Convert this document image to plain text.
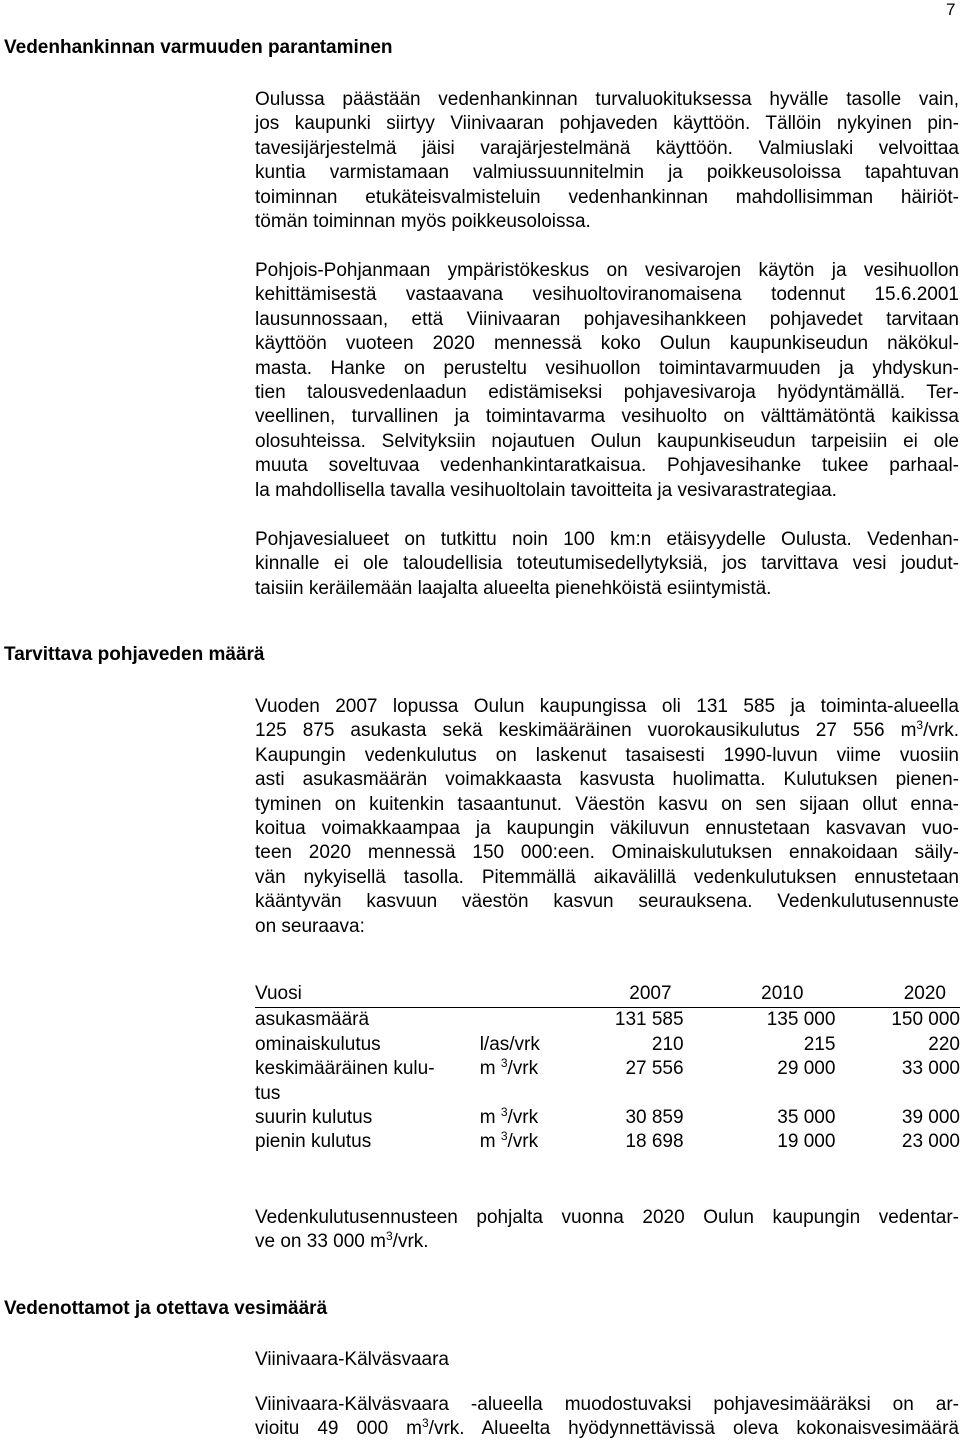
7
Vedenhankinnan varmuuden parantaminen
Oulussa päästään vedenhankinnan turvaluokituksessa hyvälle tasolle vain,
jos kaupunki siirtyy Viinivaaran pohjaveden käyttöön. Tällöin nykyinen pin-
tavesijärjestelmä jäisi varajärjestelmänä käyttöön. Valmiuslaki velvoittaa
kuntia varmistamaan valmiussuunnitelmin ja poikkeusoloissa tapahtuvan
toiminnan etukäteisvalmisteluin vedenhankinnan mahdollisimman häiriöt-
tömän toiminnan myös poikkeusoloissa.
Pohjois-Pohjanmaan ympäristökeskus on vesivarojen käytön ja vesihuollon
kehittämisestä vastaavana vesihuoltoviranomaisena todennut 15.6.2001
lausunnossaan, että Viinivaaran pohjavesihankkeen pohjavedet tarvitaan
käyttöön vuoteen 2020 mennessä koko Oulun kaupunkiseudun näkökul-
masta. Hanke on perusteltu vesihuollon toimintavarmuuden ja yhdyskun-
tien talousvedenlaadun edistämiseksi pohjavesivaroja hyödyntämällä. Ter-
veellinen, turvallinen ja toimintavarma vesihuolto on välttämätöntä kaikissa
olosuhteissa. Selvityksiin nojautuen Oulun kaupunkiseudun tarpeisiin ei ole
muuta soveltuvaa vedenhankintaratkaisua. Pohjavesihanke tukee parhaal-
la mahdollisella tavalla vesihuoltolain tavoitteita ja vesivarastrategiaa.
Pohjavesialueet on tutkittu noin 100 km:n etäisyydelle Oulusta. Vedenhan-
kinnalle ei ole taloudellisia toteutumisedellytyksiä, jos tarvittava vesi joudut-
taisiin keräilemään laajalta alueelta pienehköistä esiintymistä.
Tarvittava pohjaveden määrä
Vuoden 2007 lopussa Oulun kaupungissa oli 131 585 ja toiminta-alueella
125 875 asukasta sekä keskimääräinen vuorokausikulutus 27 556 $m^3$/vrk.
Kaupungin vedenkulutus on laskenut tasaisesti 1990-luvun viime vuosiin
asti asukasmäärän voimakkaasta kasvusta huolimatta. Kulutuksen pienen-
tyminen on kuitenkin tasaantunut. Väestön kasvu on sen sijaan ollut enna-
koitua voimakkaampaa ja kaupungin väkiluvun ennustetaan kasvavan vuo-
teen 2020 mennessä 150 000:een. Ominaiskulutuksen ennakoidaan säily-
vän nykyisellä tasolla. Pitemmällä aikavälillä vedenkulutuksen ennustetaan
kääntyvän kasvuun väestön kasvun seurauksena. Vedenkulutusennuste
on seuraava:
Vuosi		2007	2010	2020
asukasmäärä		131 585	135 000	150 000
ominaiskulutus	l/as/vrk	210	215	220
keskimääräinen kulu-
tus	m $^3$/vrk	27 556	29 000	33 000
suurin kulutus	m $^3$/vrk	30 859	35 000	39 000
pienin kulutus	m $^3$/vrk	18 698	19 000	23 000
Vedenkulutusennusteen pohjalta vuonna 2020 Oulun kaupungin vedentar-
ve on 33 000 $m^3$/vrk.
Vedenottamot ja otettava vesimäärä
Viinivaara-Kälväsvaara
Viinivaara-Kälväsvaara -alueella muodostuvaksi pohjavesimääräksi on ar-
vioitu 49 000 $m^3$/vrk. Alueelta hyödynnettävissä oleva kokonaisvesimäärä
